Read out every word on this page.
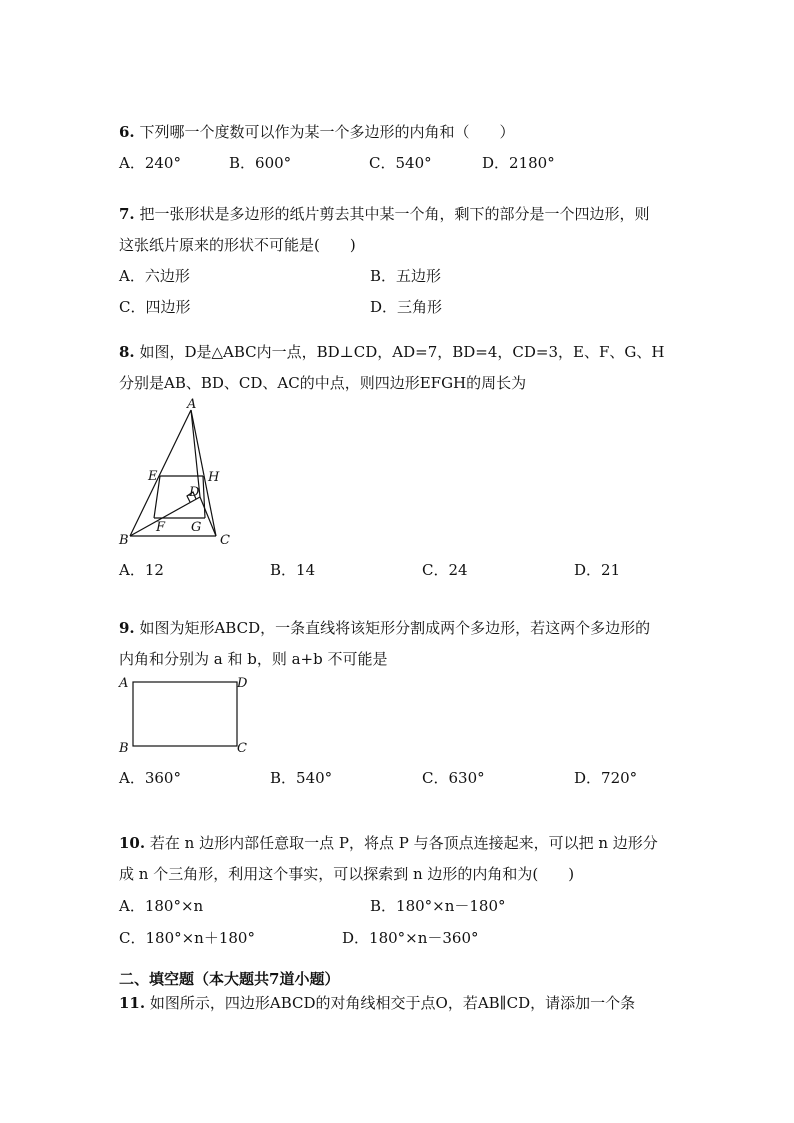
6. 下列哪一个度数可以作为某一个多边形的内角和（　　）
A．240°	B．600°	C．540°	D．2180°
7. 把一张形状是多边形的纸片剪去其中某一个角，剩下的部分是一个四边形，则
这张纸片原来的形状不可能是(　　)
A．六边形	B．五边形
C．四边形	D．三角形
8. 如图，D是△ABC内一点，BD⊥CD，AD=7，BD=4，CD=3，E、F、G、H
分别是AB、BD、CD、AC的中点，则四边形EFGH的周长为
A
E	H
D
F G
B	C
A．12	B．14	C．24	D．21
9. 如图为矩形ABCD，一条直线将该矩形分割成两个多边形，若这两个多边形的
内角和分别为 a 和 b，则 a+b 不可能是
A	D
B	C
A．360°	B．540°	C．630°	D．720°
10. 若在 n 边形内部任意取一点 P，将点 P 与各顶点连接起来，可以把 n 边形分
成 n 个三角形，利用这个事实，可以探索到 n 边形的内角和为(　　)
A．180°×n	B．180°×n－180°
C．180°×n＋180°	D．180°×n－360°
二、填空题（本大题共7道小题）
11. 如图所示，四边形ABCD的对角线相交于点O，若AB∥CD，请添加一个条
